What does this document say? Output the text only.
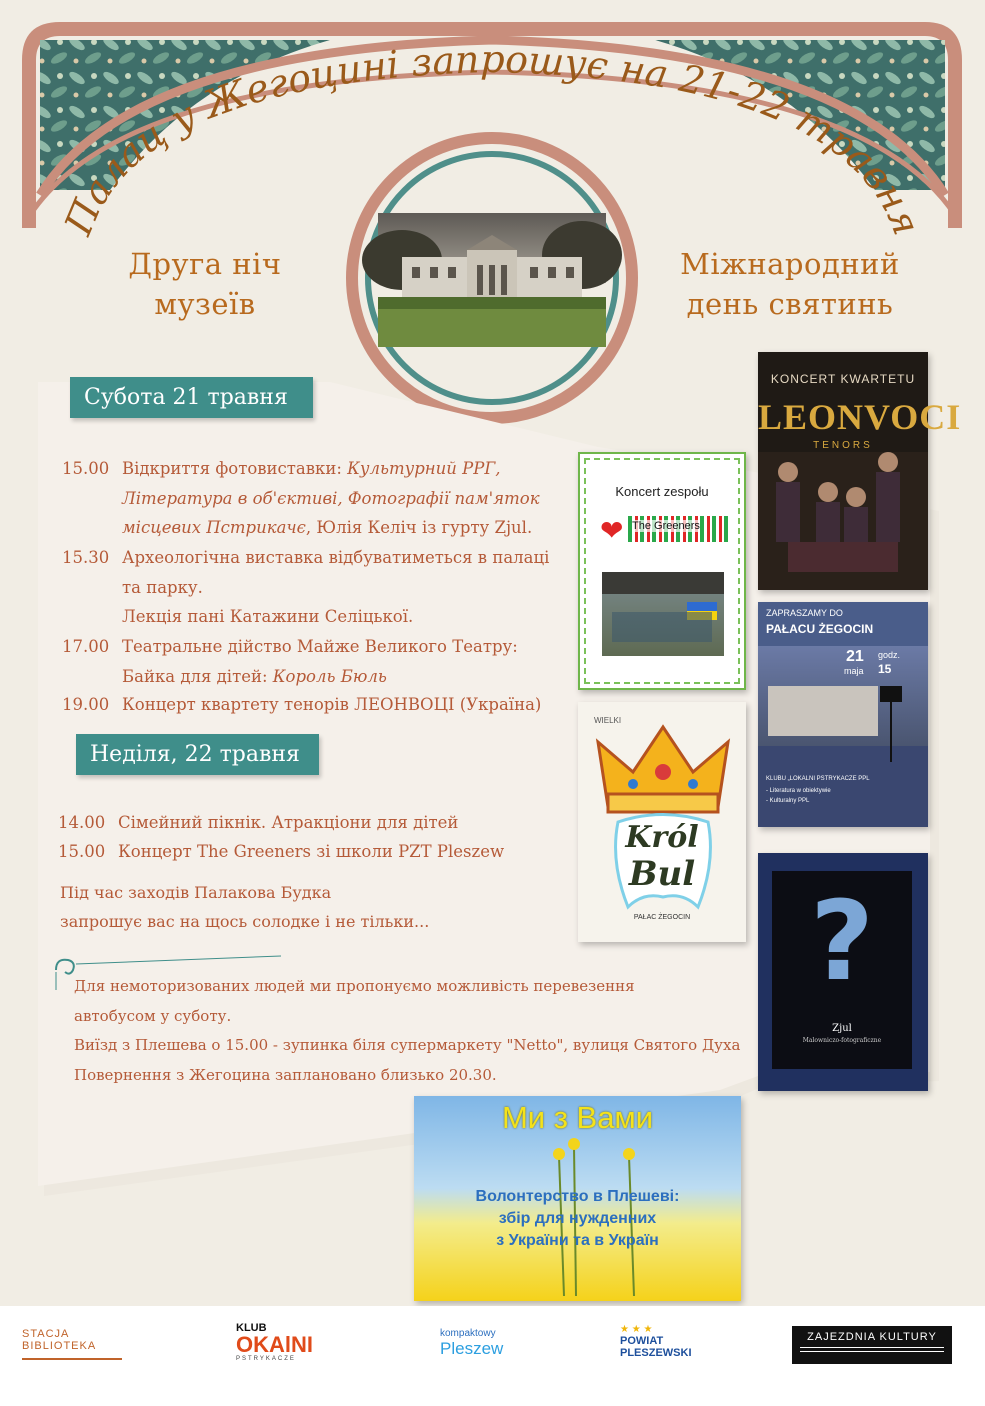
Палац у Жегоцині запрошує на 21-22 травня
Друга ніч
музеїв
Міжнародний
день святинь
Субота 21 травня
15.00 Відкриття фотовиставки: Культурний РРГ,
Література в об'єктиві, Фотографії пам'яток
місцевих Пстрикачє, Юлія Келіч із гурту Zjul.
15.30 Археологічна виставка відбуватиметься в палаці
та парку.
Лекція пані Катажини Селіцької.
17.00 Театральне дійство Майже Великого Театру:
Байка для дітей: Король Бюль
19.00 Концерт квартету тенорів ЛЕОНВОЦІ (Україна)
Неділя, 22 травня
14.00 Сімейний пікнік. Атракціони для дітей
15.00 Концерт The Greeners зі школи PZT Pleszew
Під час заходів Палакова Будка
запрошує вас на щось солодке і не тільки...
Для немоторизованих людей ми пропонуємо можливість перевезення
автобусом у суботу.
Виїзд з Плешева о 15.00 - зупинка біля супермаркету "Netto", вулиця Святого Духа
Повернення з Жегоцина заплановано близько 20.30.
Koncert zespołu
❤ The Greeners
KONCERT KWARTETU
LEONVOCI
TENORS
WIELKI
Król
Bul
PAŁAC ŻEGOCIN
ZAPRASZAMY DO
PAŁACU ŻEGOCIN
21
maja
godz.
15
KLUBU „LOKALNI PSTRYKACZE PPL
- Literatura w obiektywie
- Kulturalny PPL
?
Zjul
Malowniczo-fotograficzne
Ми з Вами
Волонтерство в Плешеві:
збір для нужденних
з України та в Україн
STACJA BIBLIOTEKA
KLUB
OKAlNI
PSTRYKACZE
kompaktowy
Pleszew
★ ★ ★
POWIAT
PLESZEWSKI
ZAJEZDNIA KULTURY
